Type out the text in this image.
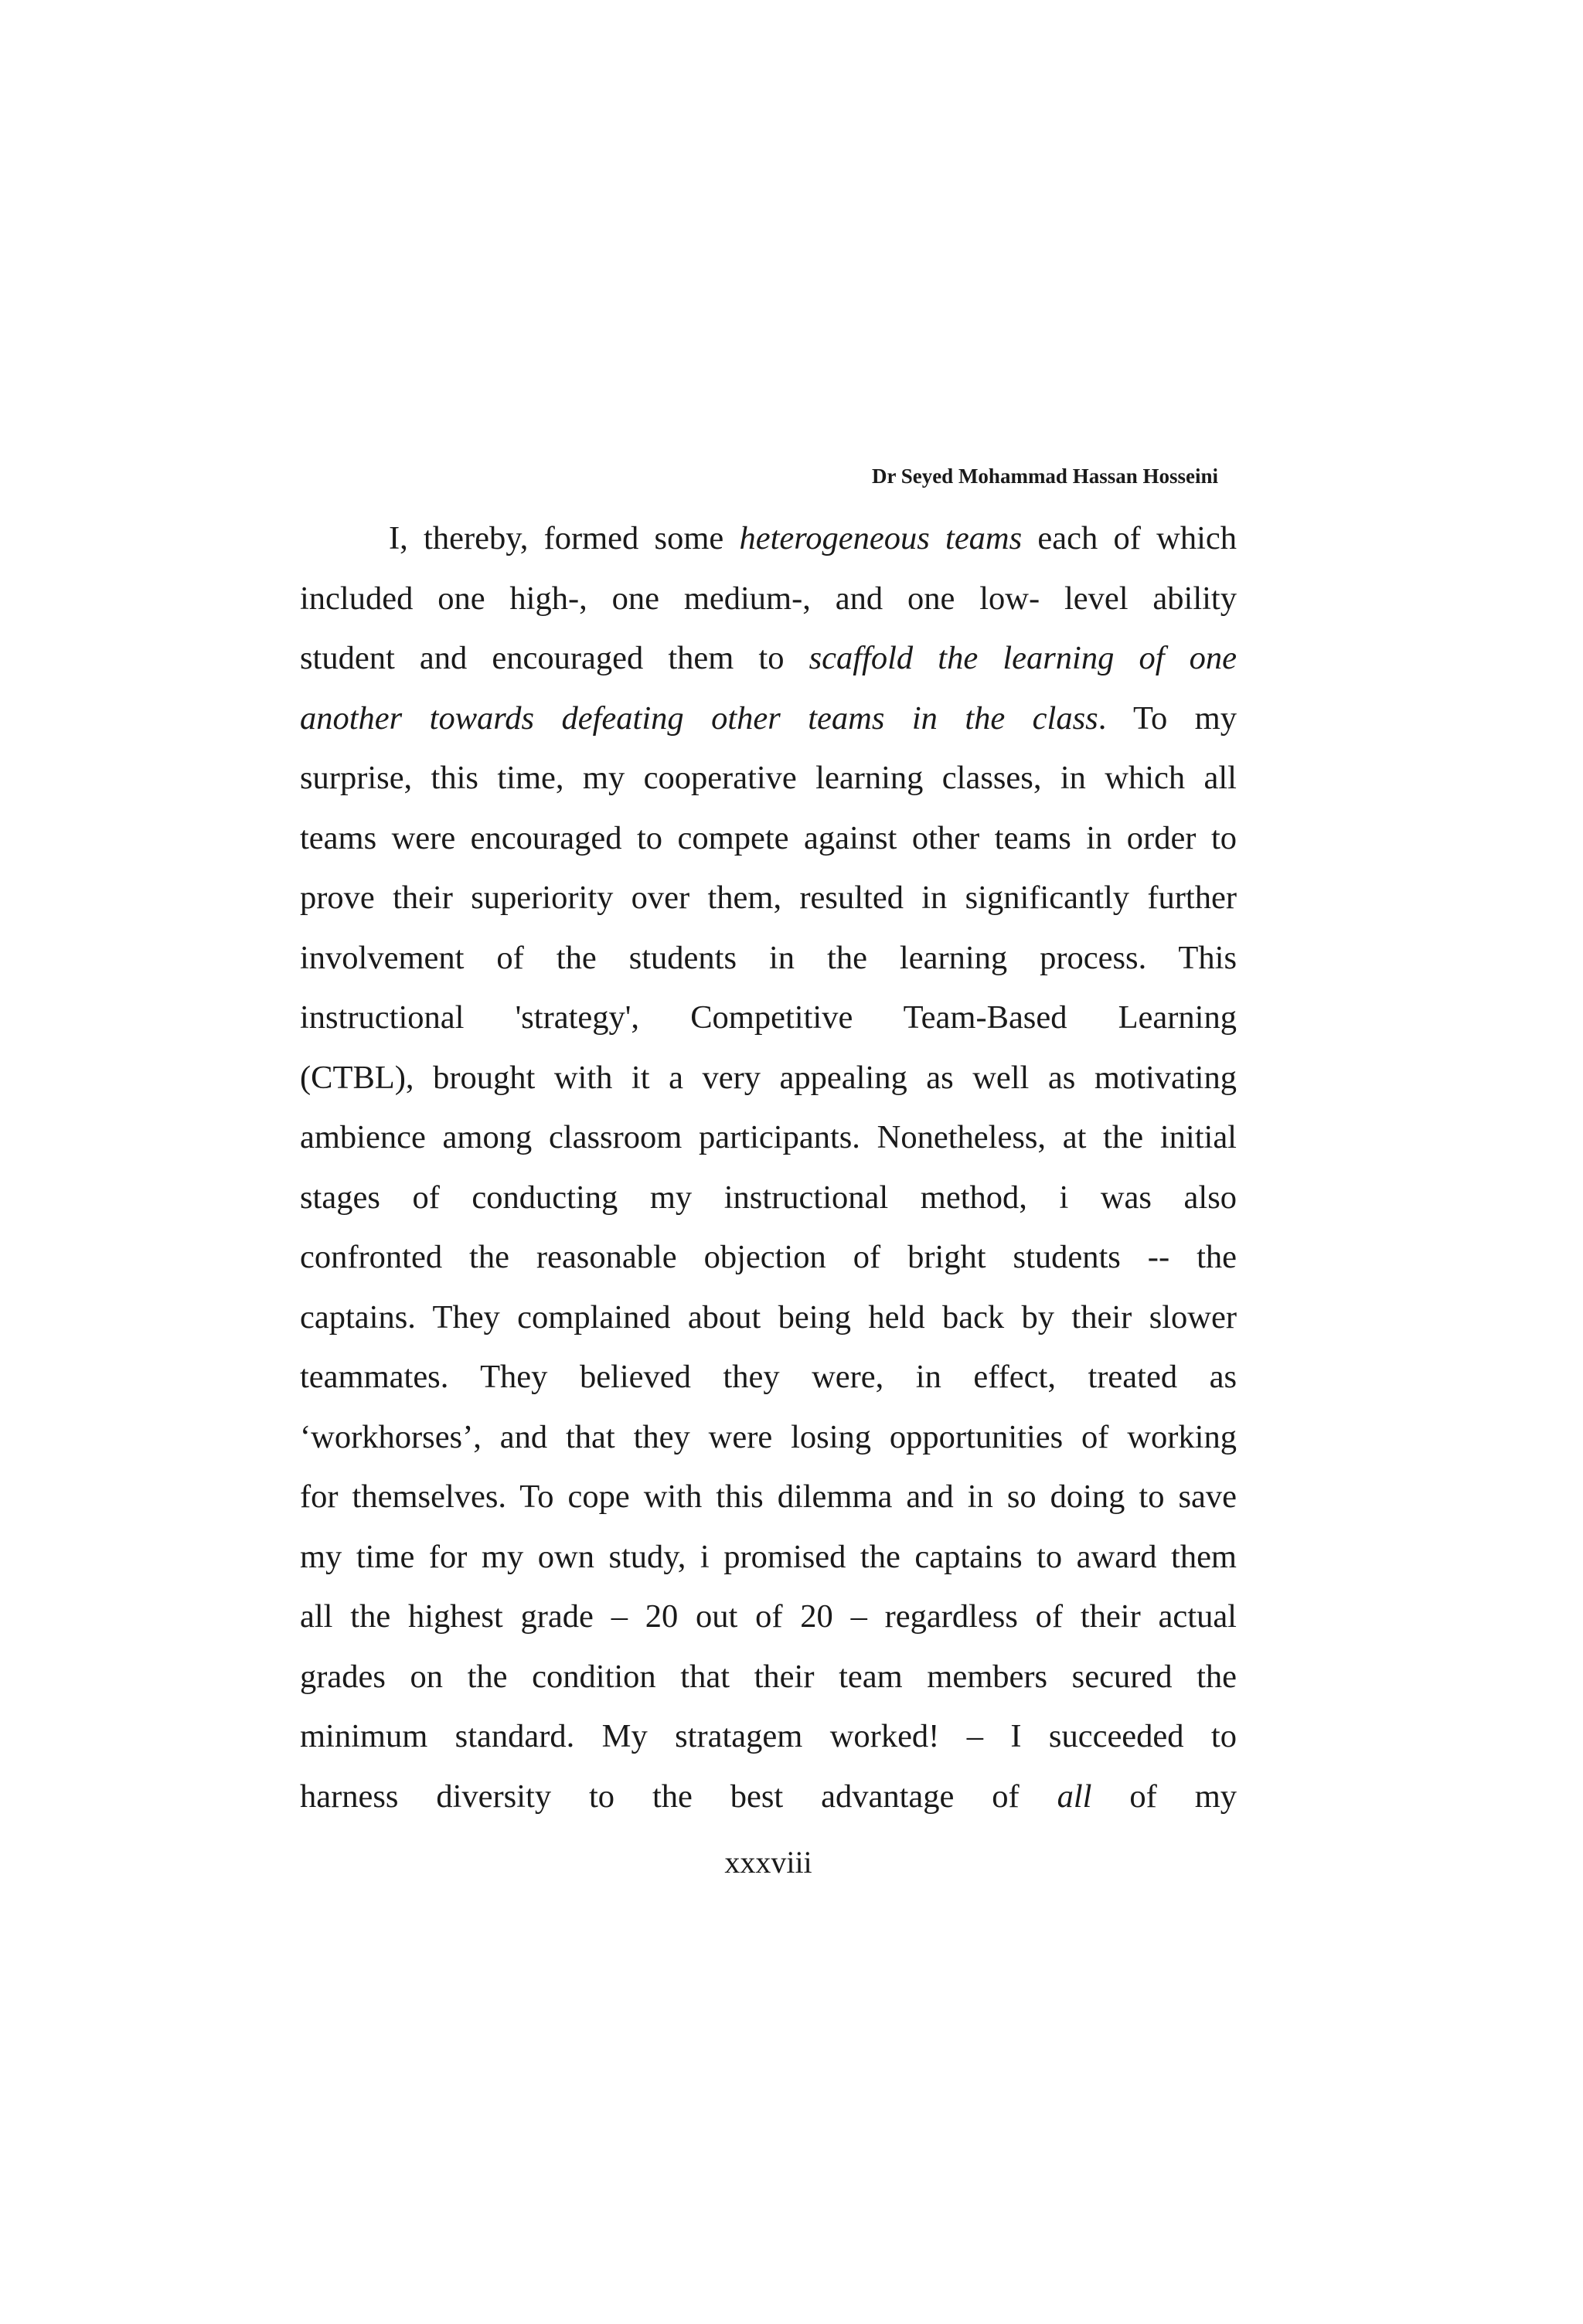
Dr Seyed Mohammad Hassan Hosseini
I, thereby, formed some heterogeneous teams each of which
included one high-, one medium-, and one low- level ability
student and encouraged them to scaffold the learning of one
another towards defeating other teams in the class. To my
surprise, this time, my cooperative learning classes, in which all
teams were encouraged to compete against other teams in order to
prove their superiority over them, resulted in significantly further
involvement of the students in the learning process. This
instructional 'strategy', Competitive Team-Based Learning
(CTBL), brought with it a very appealing as well as motivating
ambience among classroom participants. Nonetheless, at the initial
stages of conducting my instructional method, i was also
confronted the reasonable objection of bright students -- the
captains. They complained about being held back by their slower
teammates. They believed they were, in effect, treated as
‘workhorses’, and that they were losing opportunities of working
for themselves. To cope with this dilemma and in so doing to save
my time for my own study, i promised the captains to award them
all the highest grade – 20 out of 20 – regardless of their actual
grades on the condition that their team members secured the
minimum standard. My stratagem worked! – I succeeded to
harness diversity to the best advantage of all of my
xxxviii
